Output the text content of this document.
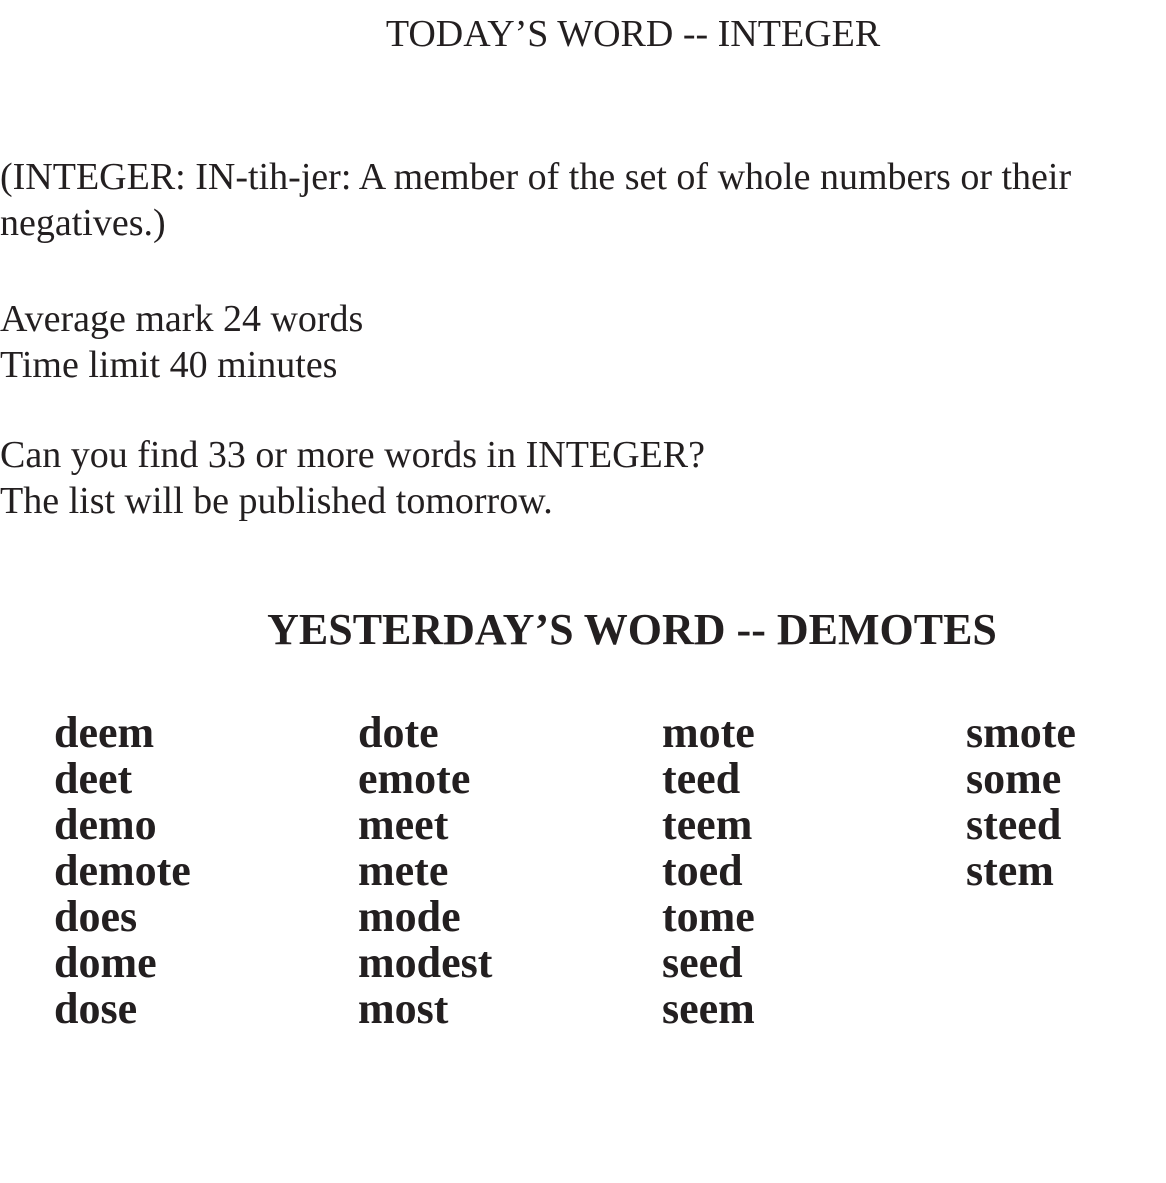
TODAY’S WORD -- INTEGER
(INTEGER: IN-tih-jer: A member of the set of whole numbers or their
negatives.)
Average mark 24 words
Time limit 40 minutes
Can you find 33 or more words in INTEGER?
The list will be published tomorrow.
YESTERDAY’S WORD -- DEMOTES
deem
deet
demo
demote
does
dome
dose
dote
emote
meet
mete
mode
modest
most
mote
teed
teem
toed
tome
seed
seem
smote
some
steed
stem
